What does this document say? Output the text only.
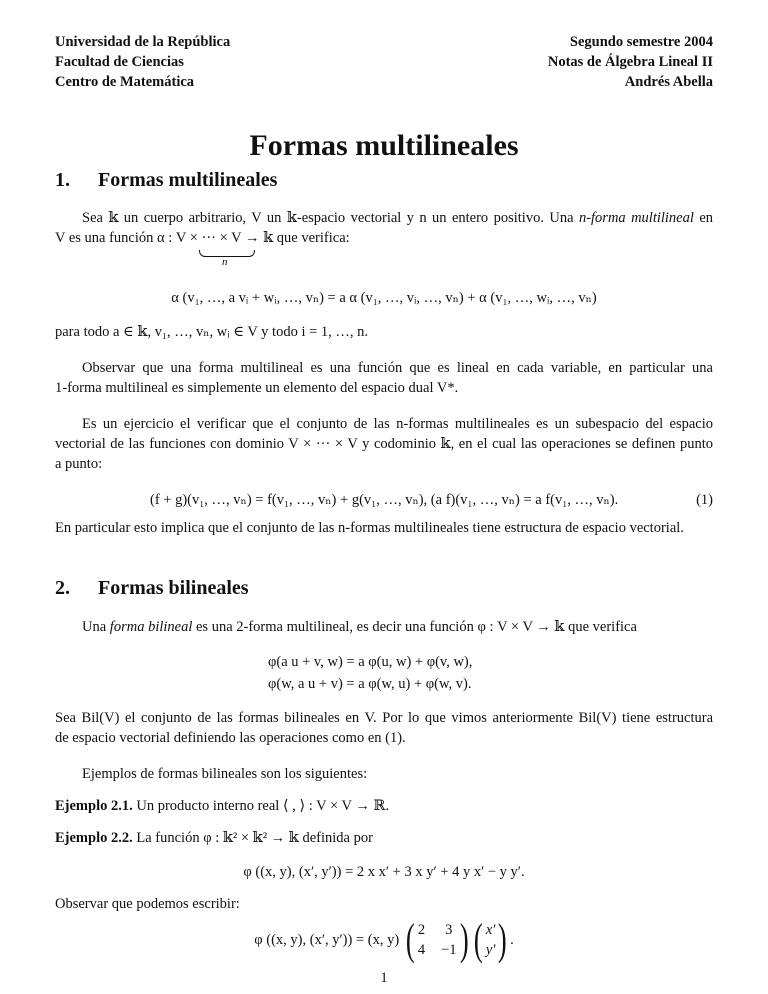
Universidad de la República
Facultad de Ciencias
Centro de Matemática
Segundo semestre 2004
Notas de Álgebra Lineal II
Andrés Abella
Formas multilineales
1. Formas multilineales
Sea 𝕜 un cuerpo arbitrario, V un 𝕜-espacio vectorial y n un entero positivo. Una n-forma multilineal en
V es una función α : V × ··· × V → 𝕜 que verifica:
n
α (v₁, …, a vᵢ + wᵢ, …, vₙ) = a α (v₁, …, vᵢ, …, vₙ) + α (v₁, …, wᵢ, …, vₙ)
para todo a ∈ 𝕜, v₁, …, vₙ, wᵢ ∈ V y todo i = 1, …, n.
Observar que una forma multilineal es una función que es lineal en cada variable, en particular una
1-forma multilineal es simplemente un elemento del espacio dual V*.
Es un ejercicio el verificar que el conjunto de las n-formas multilineales es un subespacio del espacio
vectorial de las funciones con dominio V × ··· × V y codominio 𝕜, en el cual las operaciones se definen punto
a punto:
(f + g)(v₁, …, vₙ) = f(v₁, …, vₙ) + g(v₁, …, vₙ), (a f)(v₁, …, vₙ) = a f(v₁, …, vₙ).	(1)
En particular esto implica que el conjunto de las n-formas multilineales tiene estructura de espacio vectorial.
2. Formas bilineales
Una forma bilineal es una 2-forma multilineal, es decir una función φ : V × V → 𝕜 que verifica
φ(a u + v, w) = a φ(u, w) + φ(v, w),
φ(w, a u + v) = a φ(w, u) + φ(w, v).
Sea Bil(V) el conjunto de las formas bilineales en V. Por lo que vimos anteriormente Bil(V) tiene estructura
de espacio vectorial definiendo las operaciones como en (1).
Ejemplos de formas bilineales son los siguientes:
Ejemplo 2.1. Un producto interno real ⟨ , ⟩ : V × V → ℝ.
Ejemplo 2.2. La función φ : 𝕜² × 𝕜² → 𝕜 definida por
φ ((x, y), (x′, y′)) = 2 x x′ + 3 x y′ + 4 y x′ − y y′.
Observar que podemos escribir:
φ ((x, y), (x′, y′)) = (x, y) ( 2 3
4 −1 ) ( x′
y′ ) .
1
